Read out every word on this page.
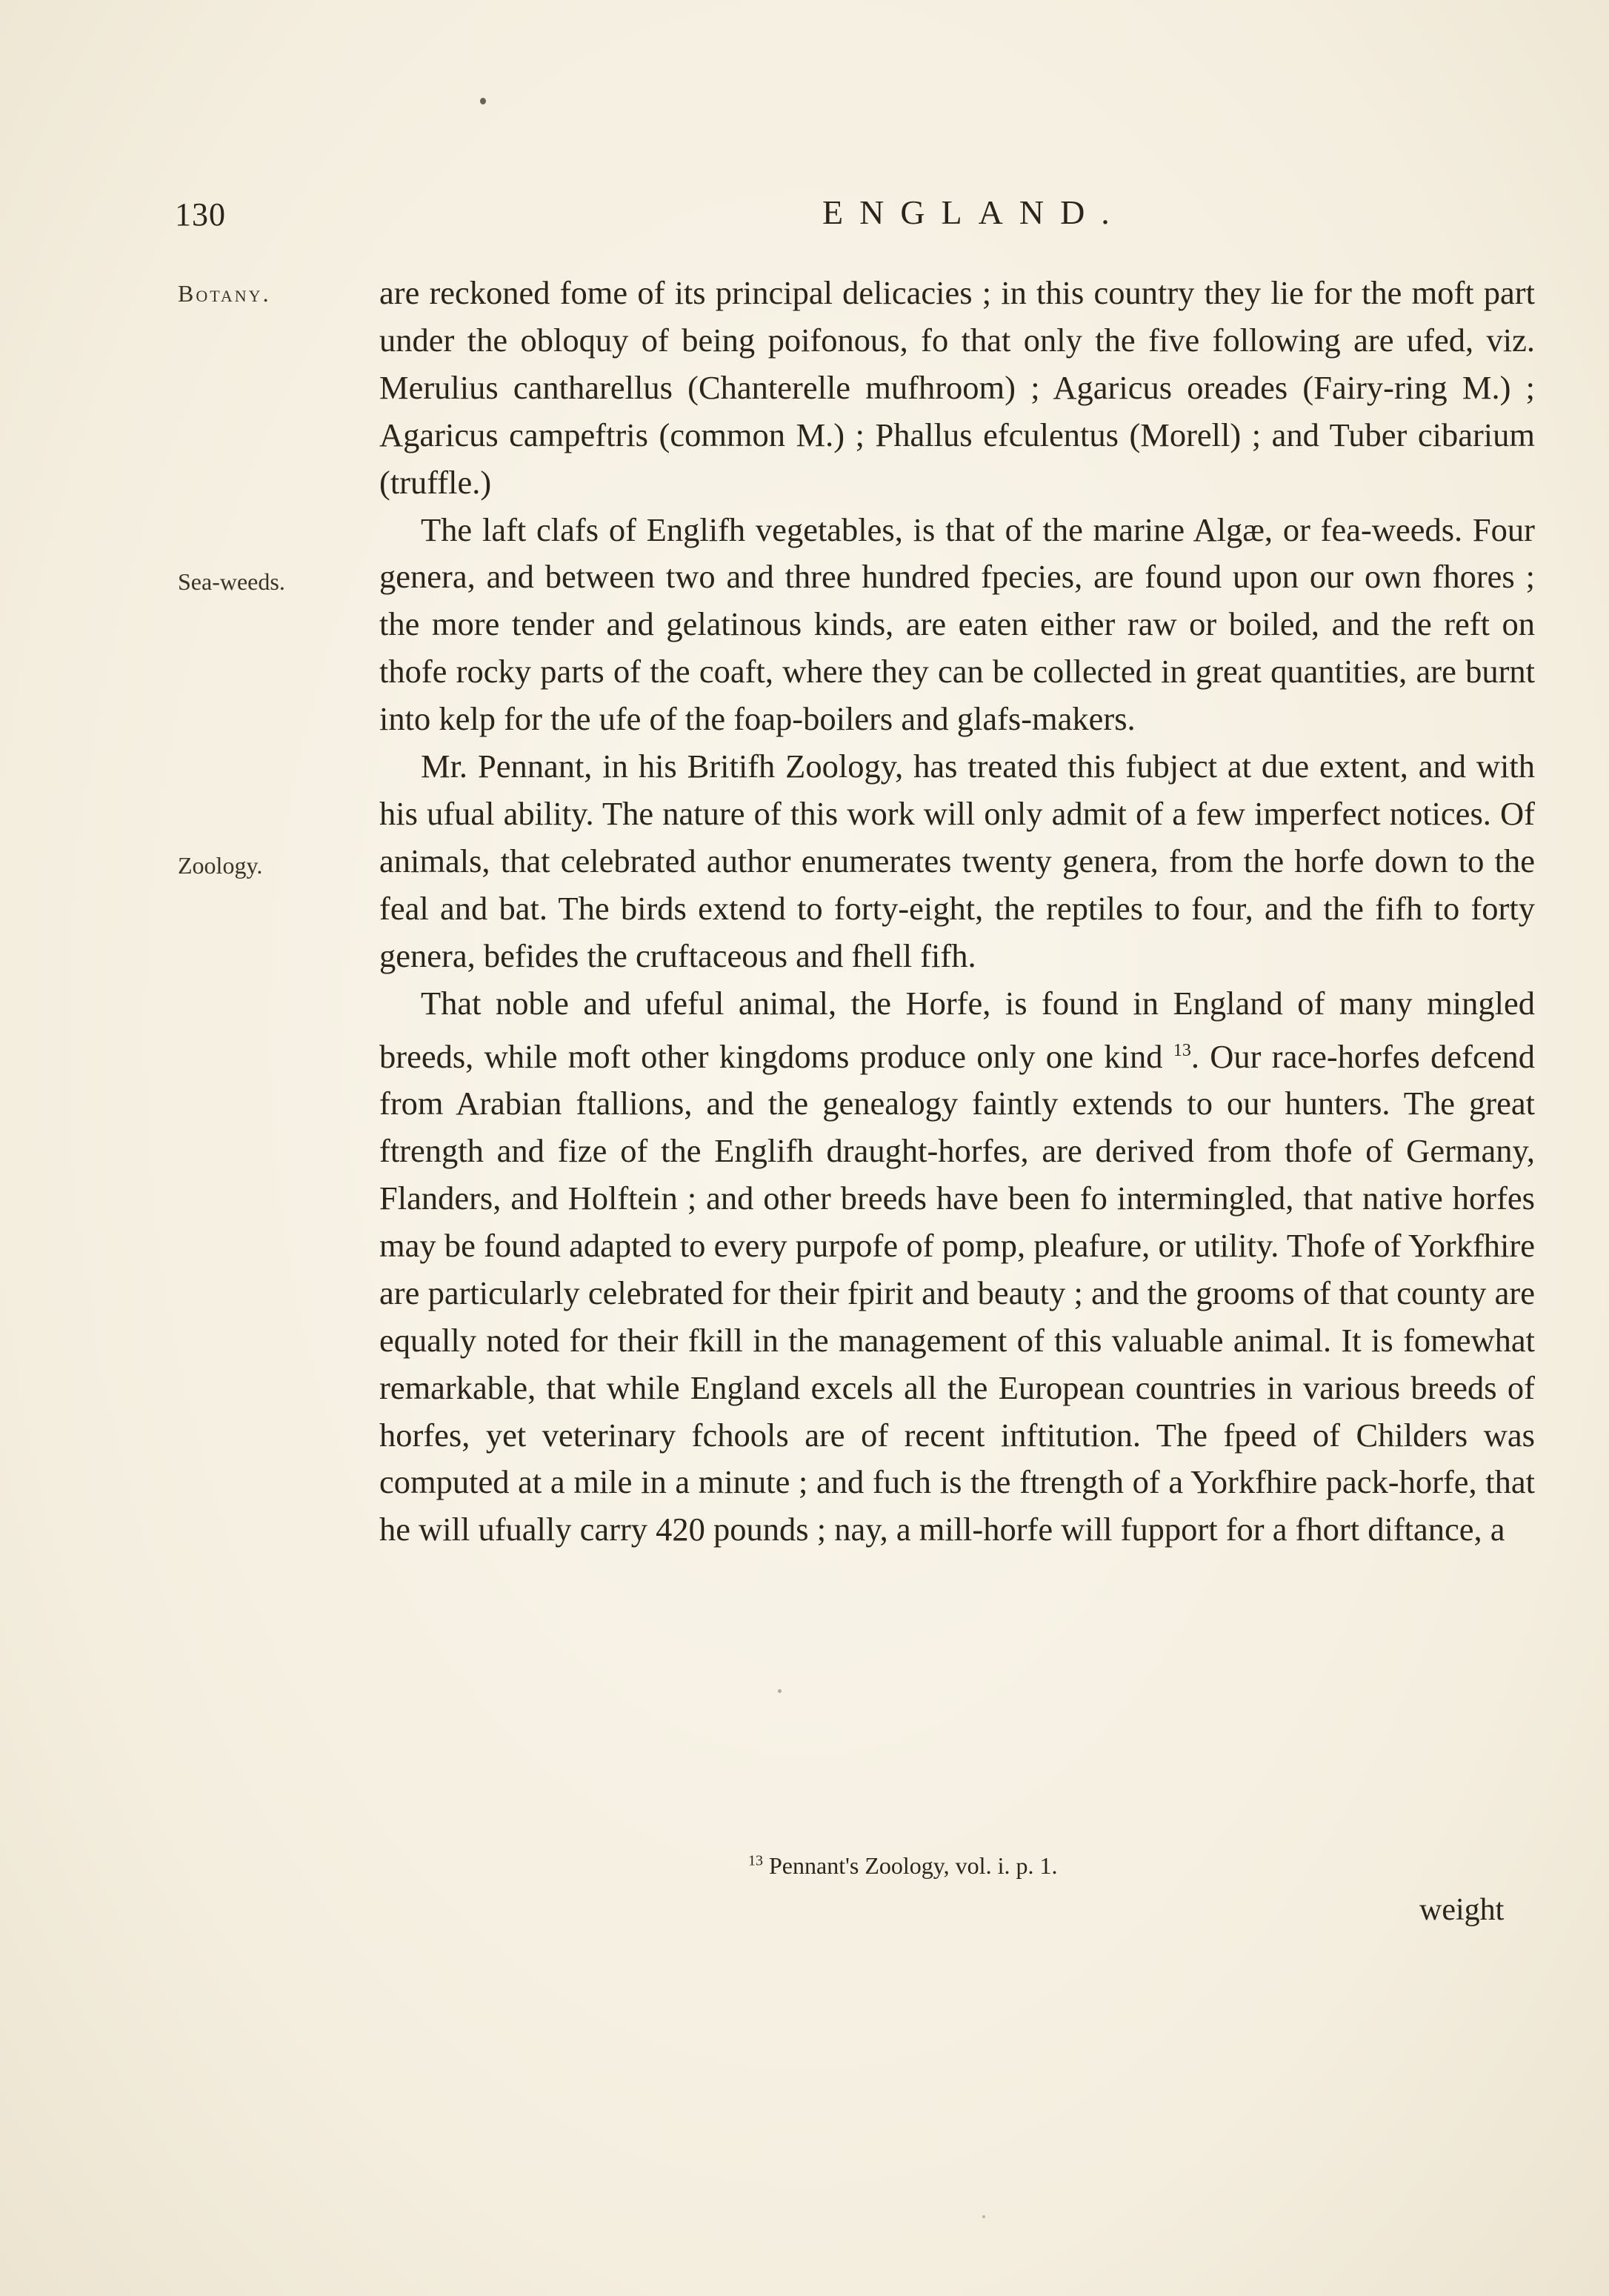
130	ENGLAND.
Botany.
Sea-weeds.
Zoology.

are reckoned fome of its principal delicacies ; in this country they lie for the moft part under the obloquy of being poifonous, fo that only the five following are ufed, viz. Merulius cantharellus (Chanterelle mufhroom) ; Agaricus oreades (Fairy-ring M.) ; Agaricus campeftris (common M.) ; Phallus efculentus (Morell) ; and Tuber cibarium (truffle.)

The laft clafs of Englifh vegetables, is that of the marine Algæ, or fea-weeds. Four genera, and between two and three hundred fpecies, are found upon our own fhores ; the more tender and gelatinous kinds, are eaten either raw or boiled, and the reft on thofe rocky parts of the coaft, where they can be collected in great quantities, are burnt into kelp for the ufe of the foap-boilers and glafs-makers.

Mr. Pennant, in his Britifh Zoology, has treated this fubject at due extent, and with his ufual ability. The nature of this work will only admit of a few imperfect notices. Of animals, that celebrated author enumerates twenty genera, from the horfe down to the feal and bat. The birds extend to forty-eight, the reptiles to four, and the fifh to forty genera, befides the cruftaceous and fhell fifh.

That noble and ufeful animal, the Horfe, is found in England of many mingled breeds, while moft other kingdoms produce only one kind $^{13}$. Our race-horfes defcend from Arabian ftallions, and the genealogy faintly extends to our hunters. The great ftrength and fize of the Englifh draught-horfes, are derived from thofe of Germany, Flanders, and Holftein ; and other breeds have been fo intermingled, that native horfes may be found adapted to every purpofe of pomp, pleafure, or utility. Thofe of Yorkfhire are particularly celebrated for their fpirit and beauty ; and the grooms of that county are equally noted for their fkill in the management of this valuable animal. It is fomewhat remarkable, that while England excels all the European countries in various breeds of horfes, yet veterinary fchools are of recent inftitution. The fpeed of Childers was computed at a mile in a minute ; and fuch is the ftrength of a Yorkfhire pack-horfe, that he will ufually carry 420 pounds ; nay, a mill-horfe will fupport for a fhort diftance, a

$^{13}$ Pennant's Zoology, vol. i. p. 1.
weight
